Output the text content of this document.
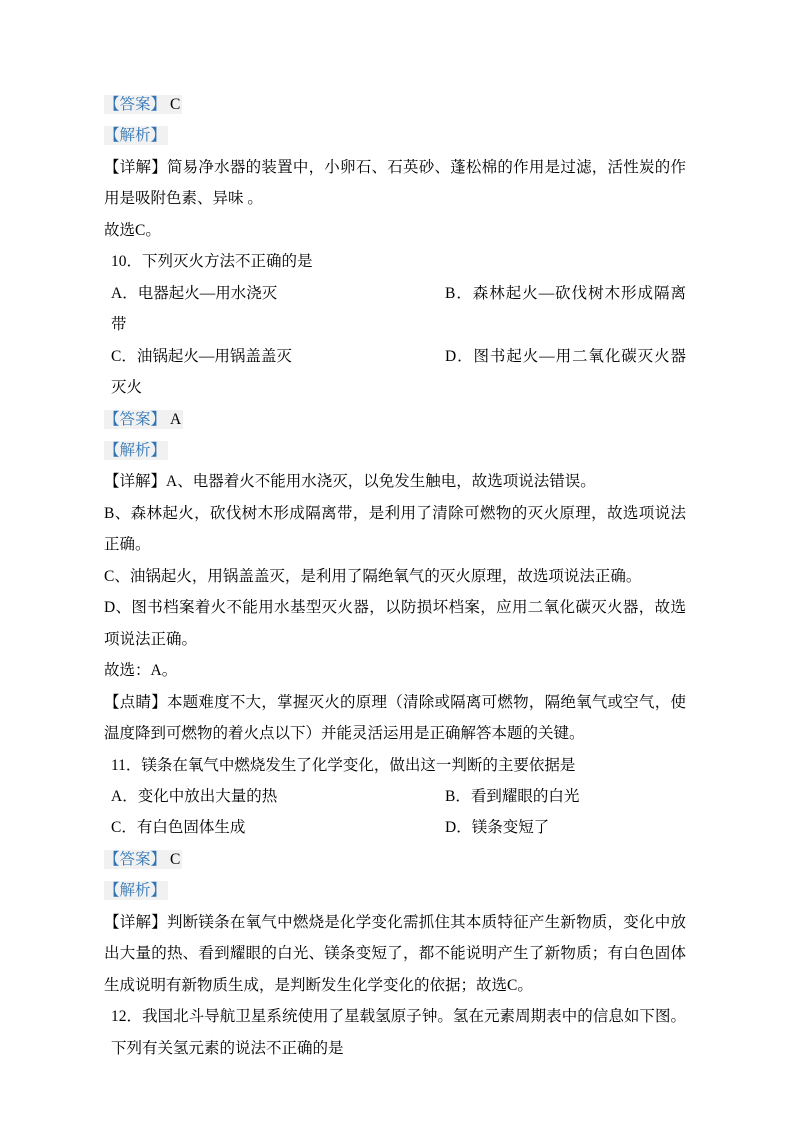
【答案】 C

【解析】

【详解】简易净水器的装置中，小卵石、石英砂、蓬松棉的作用是过滤，活性炭的作用是吸附色素、异味 。

故选C。

10．下列灭火方法不正确的是

A．电器起火—用水浇灭	B．森林起火—砍伐树木形成隔离带

C．油锅起火—用锅盖盖灭	D．图书起火—用二氧化碳灭火器灭火

【答案】 A

【解析】

【详解】A、电器着火不能用水浇灭，以免发生触电，故选项说法错误。

B、森林起火，砍伐树木形成隔离带，是利用了清除可燃物的灭火原理，故选项说法正确。

C、油锅起火，用锅盖盖灭，是利用了隔绝氧气的灭火原理，故选项说法正确。

D、图书档案着火不能用水基型灭火器，以防损坏档案，应用二氧化碳灭火器，故选项说法正确。

故选：A。

【点睛】本题难度不大，掌握灭火的原理（清除或隔离可燃物，隔绝氧气或空气，使温度降到可燃物的着火点以下）并能灵活运用是正确解答本题的关键。

11．镁条在氧气中燃烧发生了化学变化，做出这一判断的主要依据是

A．变化中放出大量的热	B．看到耀眼的白光

C．有白色固体生成	D．镁条变短了

【答案】 C

【解析】

【详解】判断镁条在氧气中燃烧是化学变化需抓住其本质特征产生新物质，变化中放出大量的热、看到耀眼的白光、镁条变短了，都不能说明产生了新物质；有白色固体生成说明有新物质生成，是判断发生化学变化的依据；故选C。

12．我国北斗导航卫星系统使用了星载氢原子钟。氢在元素周期表中的信息如下图。下列有关氢元素的说法不正确的是
